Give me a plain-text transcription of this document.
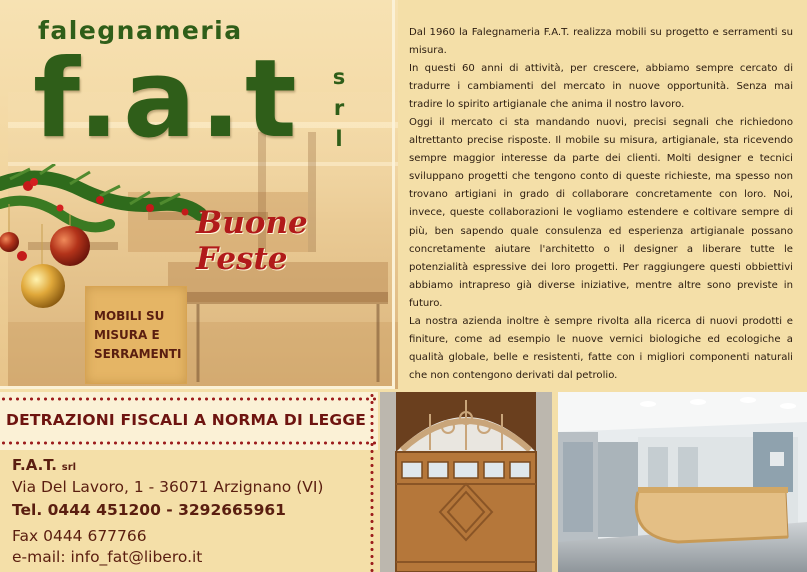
falegnameria
f.a.t s
r
l
Buone Feste
MOBILI SU
MISURA E
SERRAMENTI

Dal 1960 la Falegnameria F.A.T. realizza mobili su progetto e serramenti su misura.

In questi 60 anni di attività, per crescere, abbiamo sempre cercato di tradurre i cambiamenti del mercato in nuove opportunità. Senza mai tradire lo spirito artigianale che anima il nostro lavoro.

Oggi il mercato ci sta mandando nuovi, precisi segnali che richiedono altrettanto precise risposte. Il mobile su misura, artigianale, sta ricevendo sempre maggior interesse da parte dei clienti. Molti designer e tecnici sviluppano progetti che tengono conto di queste richieste, ma spesso non trovano artigiani in grado di collaborare concretamente con loro. Noi, invece, queste collaborazioni le vogliamo estendere e coltivare sempre di più, ben sapendo quale consulenza ed esperienza artigianale possano concretamente aiutare l'architetto o il designer a liberare tutte le potenzialità espressive dei loro progetti. Per raggiungere questi obbiettivi abbiamo intrapreso già diverse iniziative, mentre altre sono previste in futuro.

La nostra azienda inoltre è sempre rivolta alla ricerca di nuovi prodotti e finiture, come ad esempio le nuove vernici biologiche ed ecologiche a qualità globale, belle e resistenti, fatte con i migliori componenti naturali che non contengono derivati dal petrolio.

DETRAZIONI FISCALI A NORMA DI LEGGE
F.A.T. srl
Via Del Lavoro, 1 - 36071 Arzignano (VI)
Tel. 0444 451200 - 3292665961
Fax 0444 677766
e-mail: info_fat@libero.it
